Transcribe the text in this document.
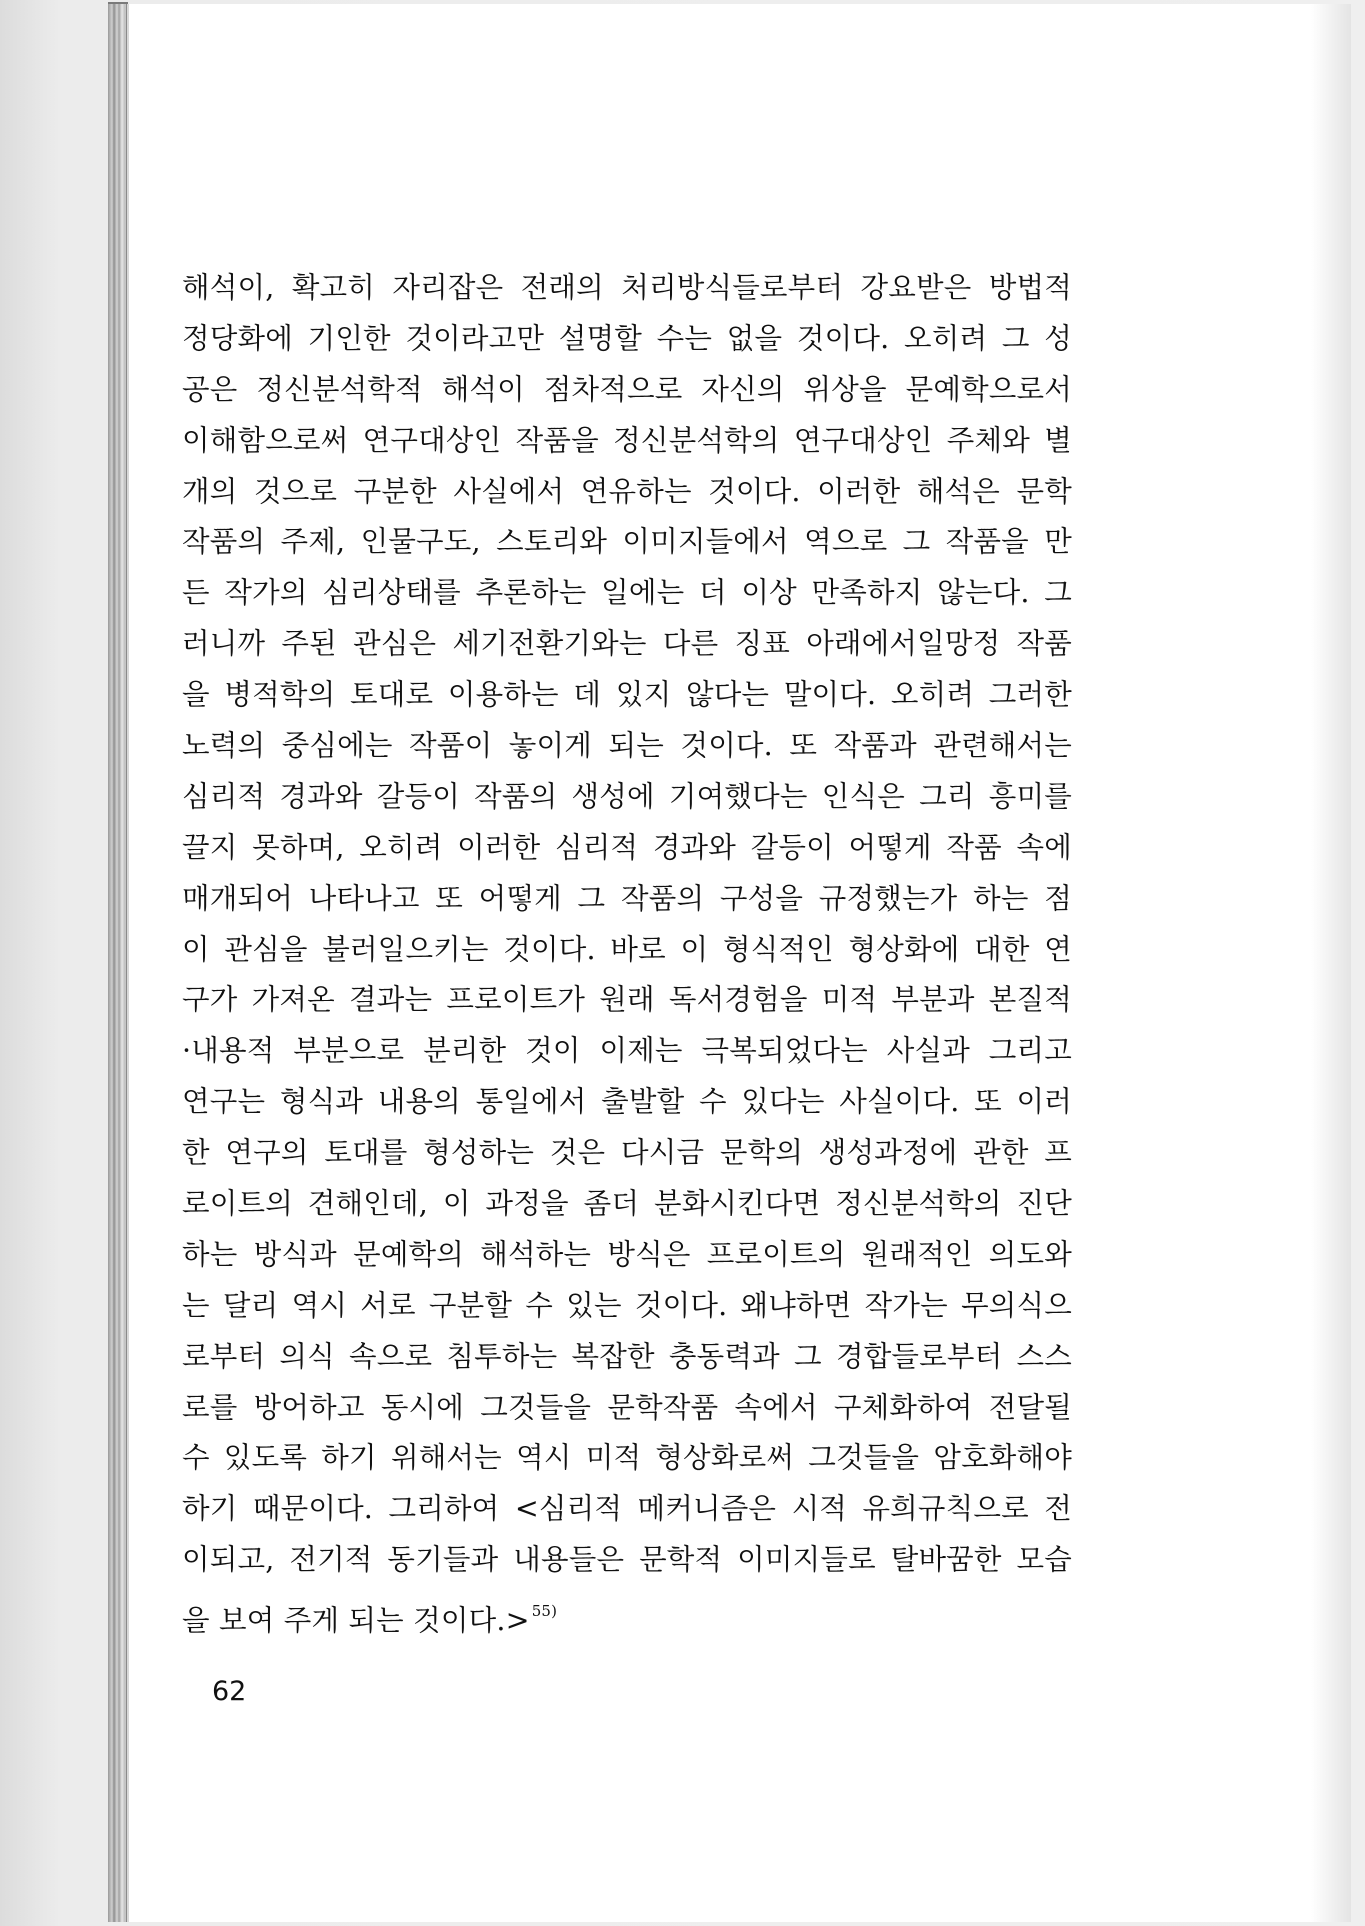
해석이, 확고히 자리잡은 전래의 처리방식들로부터 강요받은 방법적
정당화에 기인한 것이라고만 설명할 수는 없을 것이다. 오히려 그 성
공은 정신분석학적 해석이 점차적으로 자신의 위상을 문예학으로서
이해함으로써 연구대상인 작품을 정신분석학의 연구대상인 주체와 별
개의 것으로 구분한 사실에서 연유하는 것이다. 이러한 해석은 문학
작품의 주제, 인물구도, 스토리와 이미지들에서 역으로 그 작품을 만
든 작가의 심리상태를 추론하는 일에는 더 이상 만족하지 않는다. 그
러니까 주된 관심은 세기전환기와는 다른 징표 아래에서일망정 작품
을 병적학의 토대로 이용하는 데 있지 않다는 말이다. 오히려 그러한
노력의 중심에는 작품이 놓이게 되는 것이다. 또 작품과 관련해서는
심리적 경과와 갈등이 작품의 생성에 기여했다는 인식은 그리 흥미를
끌지 못하며, 오히려 이러한 심리적 경과와 갈등이 어떻게 작품 속에
매개되어 나타나고 또 어떻게 그 작품의 구성을 규정했는가 하는 점
이 관심을 불러일으키는 것이다. 바로 이 형식적인 형상화에 대한 연
구가 가져온 결과는 프로이트가 원래 독서경험을 미적 부분과 본질적
·내용적 부분으로 분리한 것이 이제는 극복되었다는 사실과 그리고
연구는 형식과 내용의 통일에서 출발할 수 있다는 사실이다. 또 이러
한 연구의 토대를 형성하는 것은 다시금 문학의 생성과정에 관한 프
로이트의 견해인데, 이 과정을 좀더 분화시킨다면 정신분석학의 진단
하는 방식과 문예학의 해석하는 방식은 프로이트의 원래적인 의도와
는 달리 역시 서로 구분할 수 있는 것이다. 왜냐하면 작가는 무의식으
로부터 의식 속으로 침투하는 복잡한 충동력과 그 경합들로부터 스스
로를 방어하고 동시에 그것들을 문학작품 속에서 구체화하여 전달될
수 있도록 하기 위해서는 역시 미적 형상화로써 그것들을 암호화해야
하기 때문이다. 그리하여 <심리적 메커니즘은 시적 유희규칙으로 전
이되고, 전기적 동기들과 내용들은 문학적 이미지들로 탈바꿈한 모습
을 보여 주게 되는 것이다.> $^{55)}$

62
